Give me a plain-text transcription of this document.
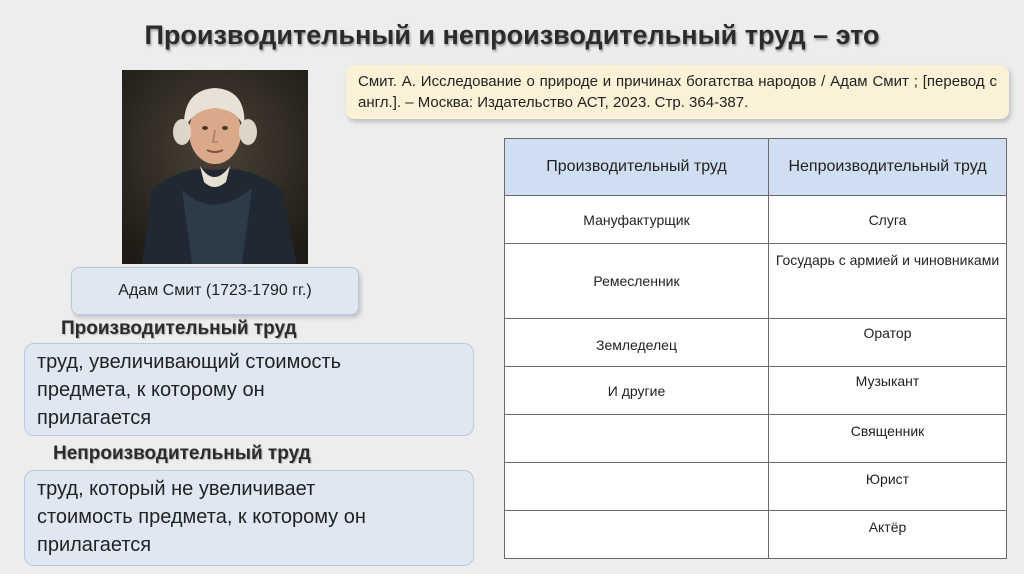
Производительный и непроизводительный труд – это
Адам Смит (1723-1790 гг.)
Смит. А. Исследование о природе и причинах богатства народов / Адам Смит ; [перевод с англ.]. – Москва: Издательство АСТ, 2023. Стр. 364-387.
Производительный труд
труд, увеличивающий стоимость
предмета, к которому он
прилагается
Непроизводительный труд
труд, который не увеличивает
стоимость предмета, к которому он
прилагается
Производительный труд	Непроизводительный труд

Мануфактурщик	Слуга

Ремесленник	Государь с армией и чиновниками

Земледелец	Оратор

И другие	Музыкант

	Священник

	Юрист

	Актёр
